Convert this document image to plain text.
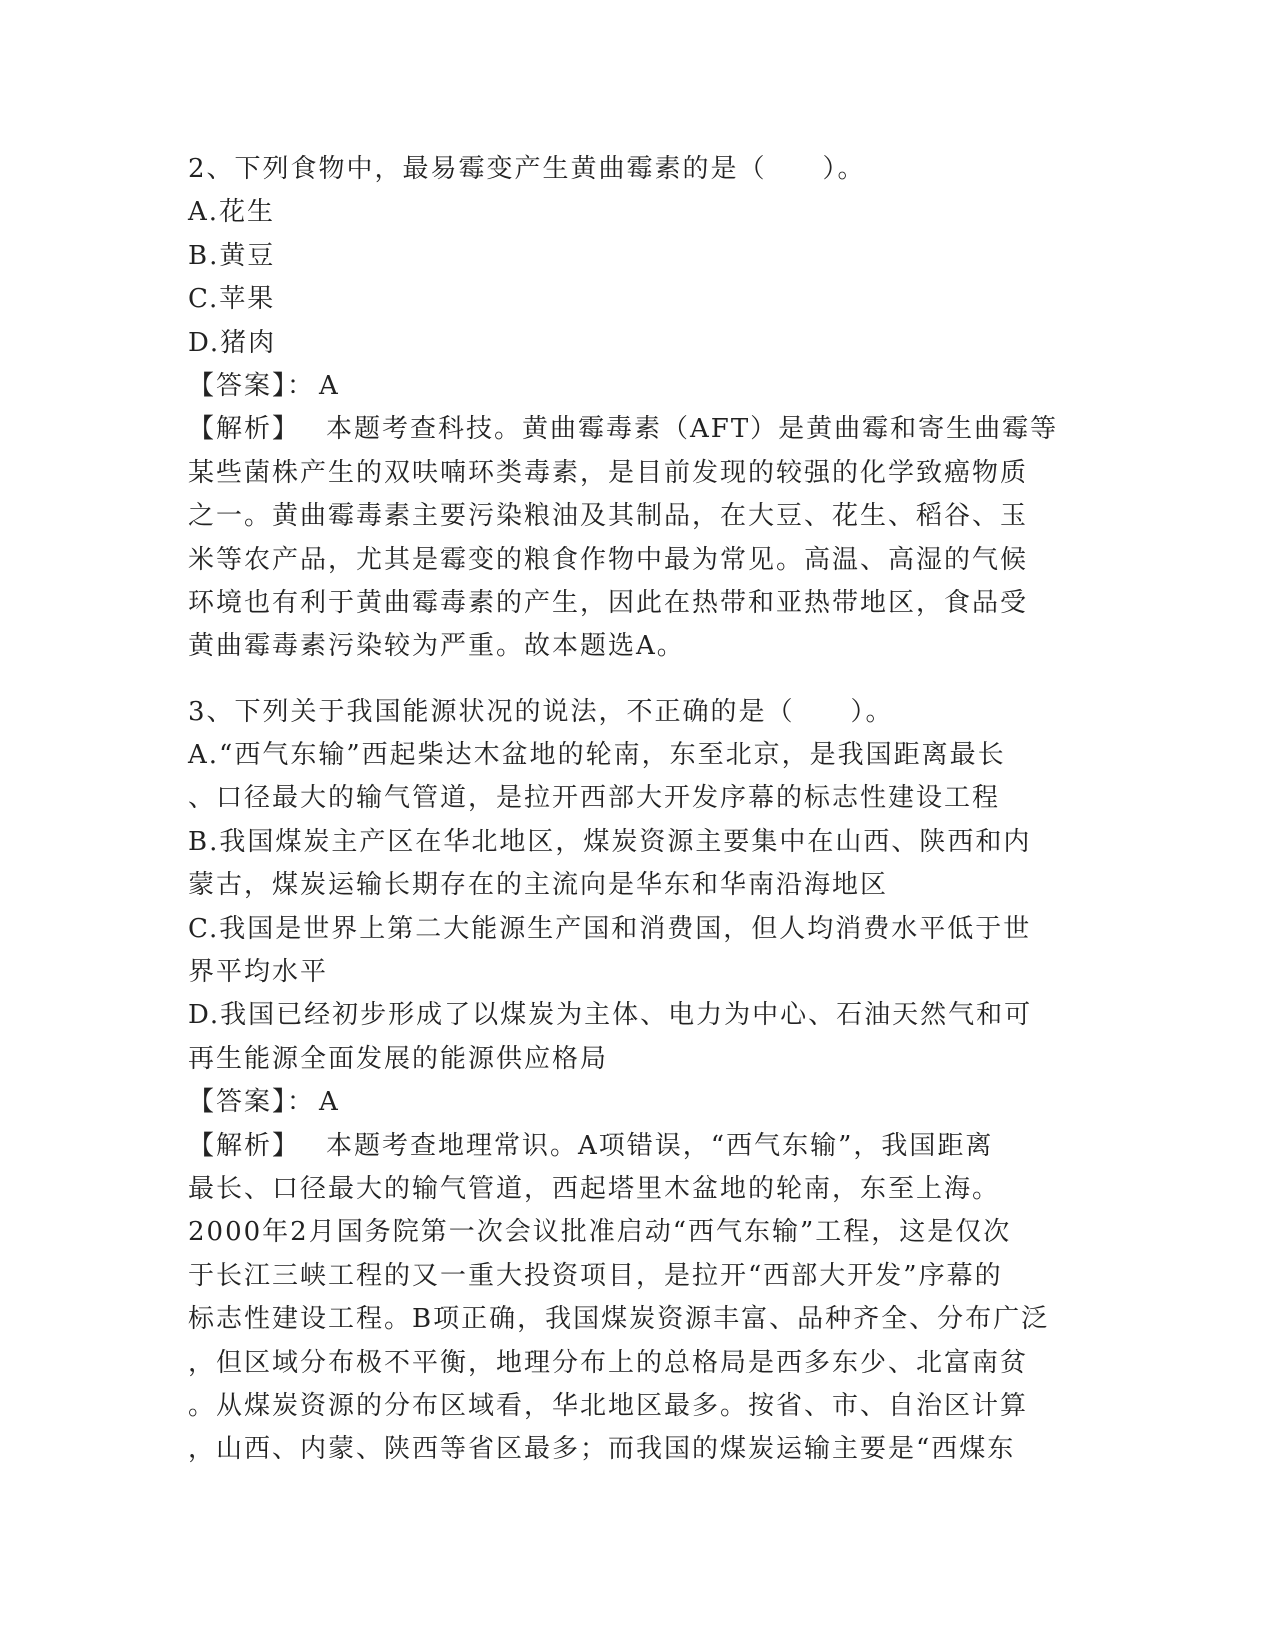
2、下列食物中，最易霉变产生黄曲霉素的是（　　）。
A.花生
B.黄豆
C.苹果
D.猪肉
【答案】： A
【解析】 本题考查科技。黄曲霉毒素（AFT）是黄曲霉和寄生曲霉等
某些菌株产生的双呋喃环类毒素，是目前发现的较强的化学致癌物质
之一。黄曲霉毒素主要污染粮油及其制品，在大豆、花生、稻谷、玉
米等农产品，尤其是霉变的粮食作物中最为常见。高温、高湿的气候
环境也有利于黄曲霉毒素的产生，因此在热带和亚热带地区，食品受
黄曲霉毒素污染较为严重。故本题选A。
3、下列关于我国能源状况的说法，不正确的是（　　）。
A.“西气东输”西起柴达木盆地的轮南，东至北京，是我国距离最长
、口径最大的输气管道，是拉开西部大开发序幕的标志性建设工程
B.我国煤炭主产区在华北地区，煤炭资源主要集中在山西、陕西和内
蒙古，煤炭运输长期存在的主流向是华东和华南沿海地区
C.我国是世界上第二大能源生产国和消费国，但人均消费水平低于世
界平均水平
D.我国已经初步形成了以煤炭为主体、电力为中心、石油天然气和可
再生能源全面发展的能源供应格局
【答案】： A
【解析】 本题考查地理常识。A项错误，“西气东输”，我国距离
最长、口径最大的输气管道，西起塔里木盆地的轮南，东至上海。
2000年2月国务院第一次会议批准启动“西气东输”工程，这是仅次
于长江三峡工程的又一重大投资项目，是拉开“西部大开发”序幕的
标志性建设工程。B项正确，我国煤炭资源丰富、品种齐全、分布广泛
，但区域分布极不平衡，地理分布上的总格局是西多东少、北富南贫
。从煤炭资源的分布区域看，华北地区最多。按省、市、自治区计算
，山西、内蒙、陕西等省区最多；而我国的煤炭运输主要是“西煤东
